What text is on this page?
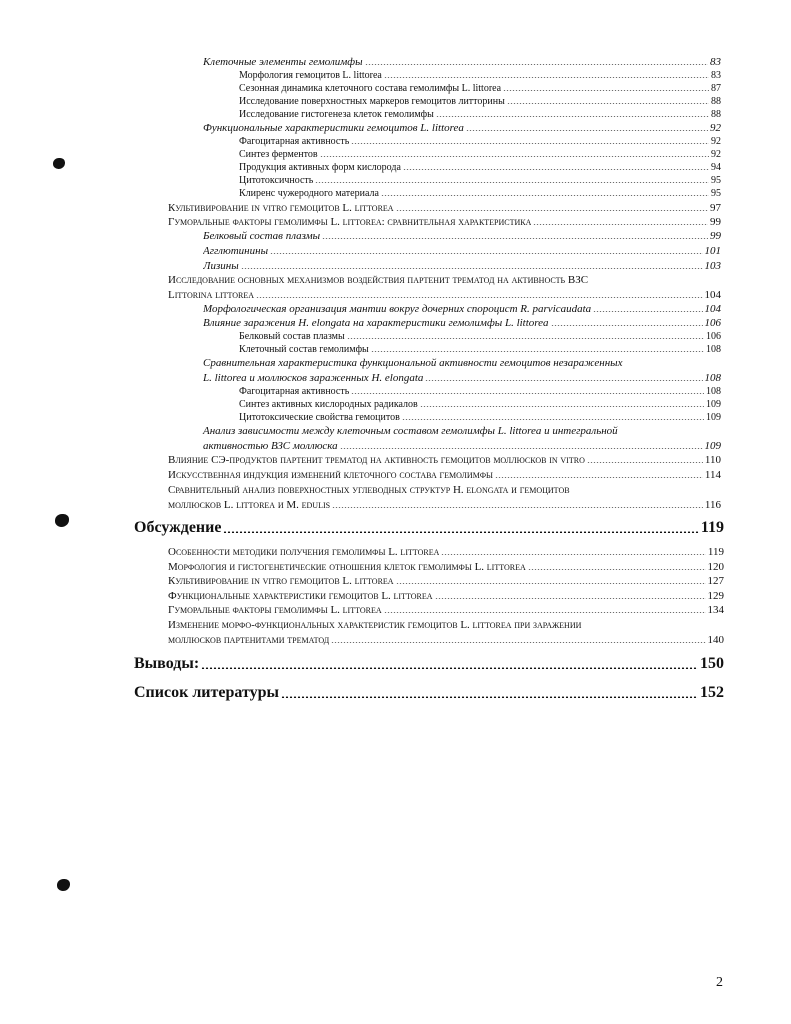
Клеточные элементы гемолимфы	83
Морфология гемоцитов L. littorea	83
Сезонная динамика клеточного состава гемолимфы L. littorea	87
Исследование поверхностных маркеров гемоцитов литторины	88
Исследование гистогенеза клеток гемолимфы	88
Функциональные характеристики гемоцитов L. littorea	92
Фагоцитарная активность	92
Синтез ферментов	92
Продукция активных форм кислорода	94
Цитотоксичность	95
Клиренс чужеродного материала	95
Культивирование in vitro гемоцитов L. littorea	97
Гуморальные факторы гемолимфы L. littorea: сравнительная характеристика	99
Белковый состав плазмы	99
Агглютинины	101
Лизины	103
Исследование основных механизмов воздействия партенит трематод на активность ВЗС
Littorina littorea	104
Морфологическая организация мантии вокруг дочерних спороцист R. parvicaudata	104
Влияние заражения H. elongata на характеристики гемолимфы L. littorea	106
Белковый состав плазмы	106
Клеточный состав гемолимфы	108
Сравнительная характеристика функциональной активности гемоцитов незараженных
L. littorea и моллюсков зараженных H. elongata	108
Фагоцитарная активность	108
Синтез активных кислородных радикалов	109
Цитотоксические свойства гемоцитов	109
Анализ зависимости между клеточным составом гемолимфы L. littorea и интегральной
активностью ВЗС моллюска	109
Влияние СЭ-продуктов партенит трематод на активность гемоцитов моллюсков in vitro	110
Искусственная индукция изменений клеточного состава гемолимфы	114
Сравнительный анализ поверхностных углеводных структур H. elongata и гемоцитов
моллюсков L. littorea и M. edulis	116
Обсуждение	119
Особенности методики получения гемолимфы L. littorea	119
Морфология и гистогенетические отношения клеток гемолимфы L. littorea	120
Культивирование in vitro гемоцитов L. littorea	127
Функциональные характеристики гемоцитов L. littorea	129
Гуморальные факторы гемолимфы L. littorea	134
Изменение морфо-функциональных характеристик гемоцитов L. littorea при заражении
моллюсков партенитами трематод	140
Выводы:	150
Список литературы	152
2
